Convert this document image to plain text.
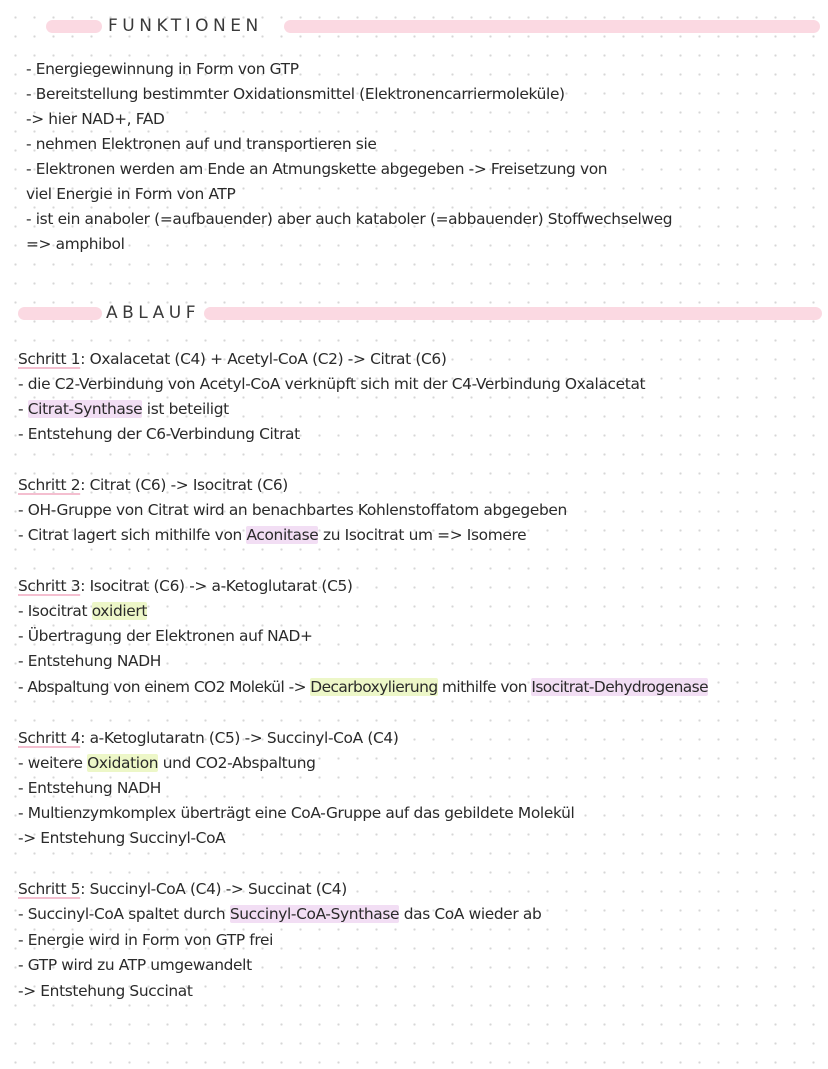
FUNKTIONEN
- Energiegewinnung in Form von GTP
- Bereitstellung bestimmter Oxidationsmittel (Elektronencarriermoleküle)
-> hier NAD+, FAD
- nehmen Elektronen auf und transportieren sie
- Elektronen werden am Ende an Atmungskette abgegeben -> Freisetzung von
viel Energie in Form von ATP
- ist ein anaboler (=aufbauender) aber auch kataboler (=abbauender) Stoffwechselweg
=> amphibol
ABLAUF
Schritt 1: Oxalacetat (C4) + Acetyl-CoA (C2) -> Citrat (C6)
- die C2-Verbindung von Acetyl-CoA verknüpft sich mit der C4-Verbindung Oxalacetat
- Citrat-Synthase ist beteiligt
- Entstehung der C6-Verbindung Citrat
Schritt 2: Citrat (C6) -> Isocitrat (C6)
- OH-Gruppe von Citrat wird an benachbartes Kohlenstoffatom abgegeben
- Citrat lagert sich mithilfe von Aconitase zu Isocitrat um => Isomere
Schritt 3: Isocitrat (C6) -> a-Ketoglutarat (C5)
- Isocitrat oxidiert
- Übertragung der Elektronen auf NAD+
- Entstehung NADH
- Abspaltung von einem CO2 Molekül -> Decarboxylierung mithilfe von Isocitrat-Dehydrogenase
Schritt 4: a-Ketoglutaratn (C5) -> Succinyl-CoA (C4)
- weitere Oxidation und CO2-Abspaltung
- Entstehung NADH
- Multienzymkomplex überträgt eine CoA-Gruppe auf das gebildete Molekül
-> Entstehung Succinyl-CoA
Schritt 5: Succinyl-CoA (C4) -> Succinat (C4)
- Succinyl-CoA spaltet durch Succinyl-CoA-Synthase das CoA wieder ab
- Energie wird in Form von GTP frei
- GTP wird zu ATP umgewandelt
-> Entstehung Succinat
